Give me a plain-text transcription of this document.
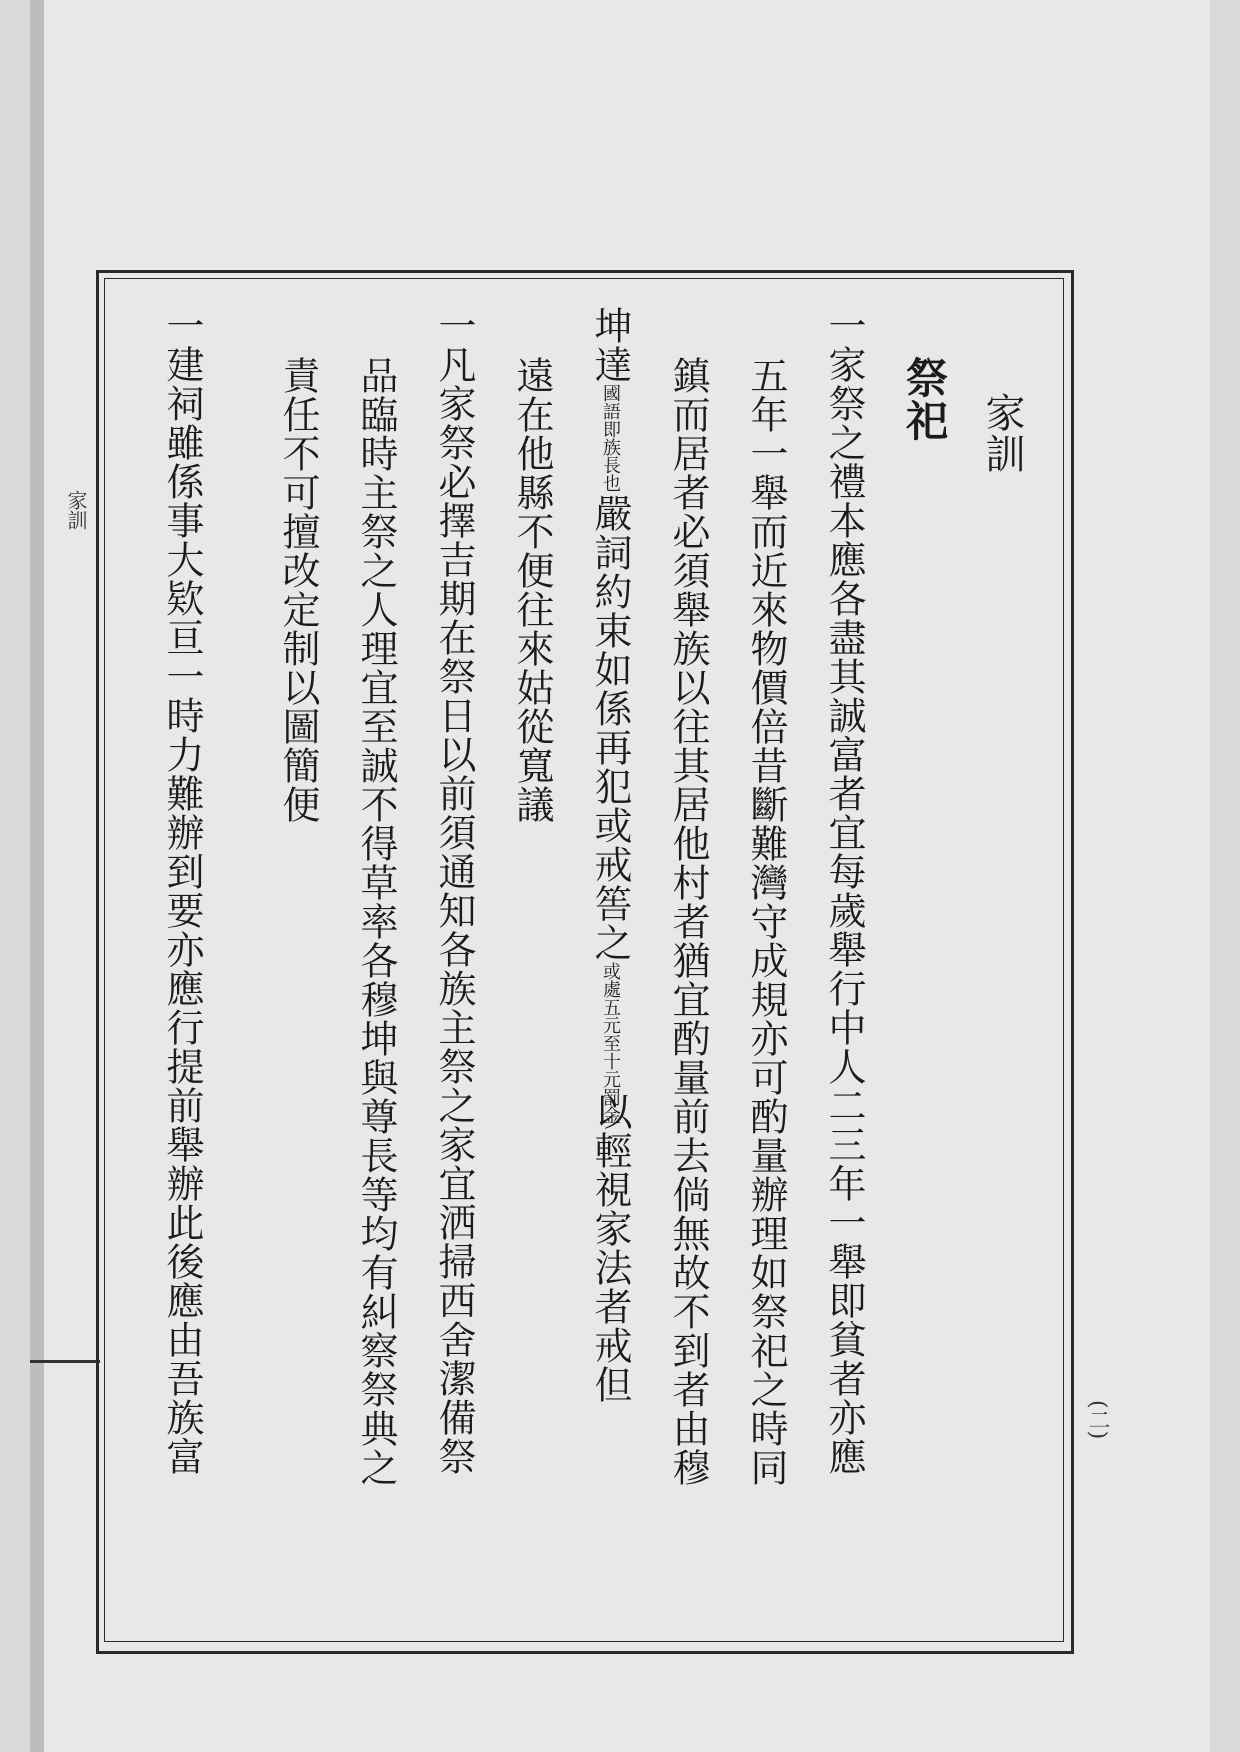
家訓
(二)
家訓
祭祀
一家祭之禮本應各盡其誠富者宜每歲舉行中人二三年一舉即貧者亦應
五年一舉而近來物價倍昔斷難灣守成規亦可酌量辦理如祭祀之時同
鎮而居者必須舉族以往其居他村者猶宜酌量前去倘無故不到者由穆
坤達國語即族長也嚴詞約束如係再犯或戒筶之或處五元至十元罰金以輕視家法者戒但
遠在他縣不便往來姑從寬議
一凡家祭必擇吉期在祭日以前須通知各族主祭之家宜洒掃西舍潔備祭
品臨時主祭之人理宜至誠不得草率各穆坤與尊長等均有糾察祭典之
責任不可擅改定制以圖簡便
一建祠雖係事大欵亘一時力難辦到要亦應行提前舉辦此後應由吾族富
